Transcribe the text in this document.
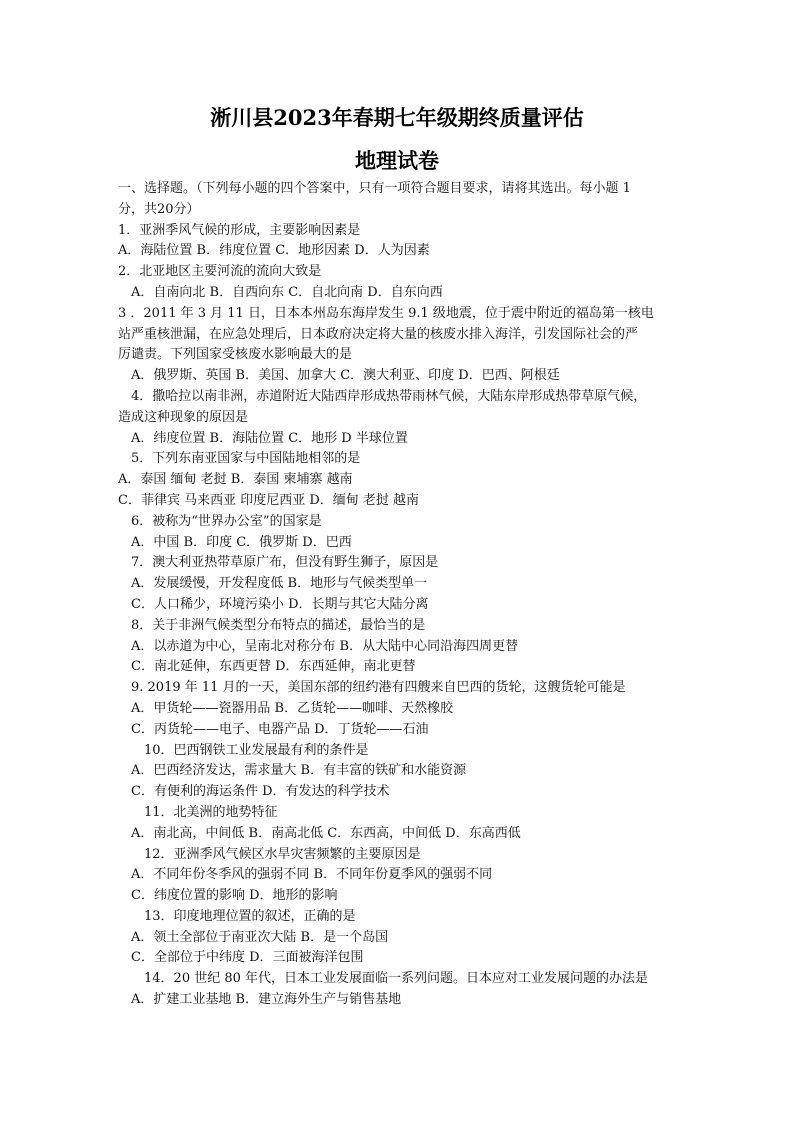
淅川县2023年春期七年级期终质量评估
地理试卷
一、选择题。（下列每小题的四个答案中，只有一项符合题目要求，请将其选出。每小题 1
分，共20分）
1．亚洲季风气候的形成，主要影响因素是
A．海陆位置 B．纬度位置 C．地形因素 D．人为因素
2．北亚地区主要河流的流向大致是
A．自南向北 B．自西向东 C．自北向南 D．自东向西
3 ．2011 年 3 月 11 日，日本本州岛东海岸发生 9.1 级地震，位于震中附近的福岛第一核电
站严重核泄漏，在应急处理后，日本政府决定将大量的核废水排入海洋，引发国际社会的严
厉谴责。下列国家受核废水影响最大的是
A．俄罗斯、英国 B．美国、加拿大 C．澳大利亚、印度 D．巴西、阿根廷
4．撒哈拉以南非洲，赤道附近大陆西岸形成热带雨林气候，大陆东岸形成热带草原气候，
造成这种现象的原因是
A．纬度位置 B．海陆位置 C．地形 D 半球位置
5．下列东南亚国家与中国陆地相邻的是
A．泰国 缅甸 老挝 B．泰国 柬埔寨 越南
C．菲律宾 马来西亚 印度尼西亚 D．缅甸 老挝 越南
6．被称为“世界办公室”的国家是
A．中国 B．印度 C．俄罗斯 D．巴西
7．澳大利亚热带草原广布，但没有野生狮子，原因是
A．发展缓慢，开发程度低 B．地形与气候类型单一
C．人口稀少，环境污染小 D．长期与其它大陆分离
8．关于非洲气候类型分布特点的描述，最恰当的是
A．以赤道为中心，呈南北对称分布 B．从大陆中心同沿海四周更替
C．南北延伸，东西更替 D．东西延伸，南北更替
9. 2019 年 11 月的一天，美国东部的纽约港有四艘来自巴西的货轮，这艘货轮可能是
A．甲货轮——瓷器用品 B．乙货轮——咖啡、天然橡胶
C．丙货轮——电子、电器产品 D．丁货轮——石油
10．巴西钢铁工业发展最有利的条件是
A．巴西经济发达，需求量大 B．有丰富的铁矿和水能资源
C．有便利的海运条件 D．有发达的科学技术
11．北美洲的地势特征
A．南北高，中间低 B．南高北低 C．东西高，中间低 D．东高西低
12．亚洲季风气候区水旱灾害频繁的主要原因是
A．不同年份冬季风的强弱不同 B．不同年份夏季风的强弱不同
C．纬度位置的影响 D．地形的影响
13．印度地理位置的叙述，正确的是
A．领土全部位于南亚次大陆 B．是一个岛国
C．全部位于中纬度 D．三面被海洋包围
14．20 世纪 80 年代，日本工业发展面临一系列问题。日本应对工业发展问题的办法是
A．扩建工业基地 B．建立海外生产与销售基地
